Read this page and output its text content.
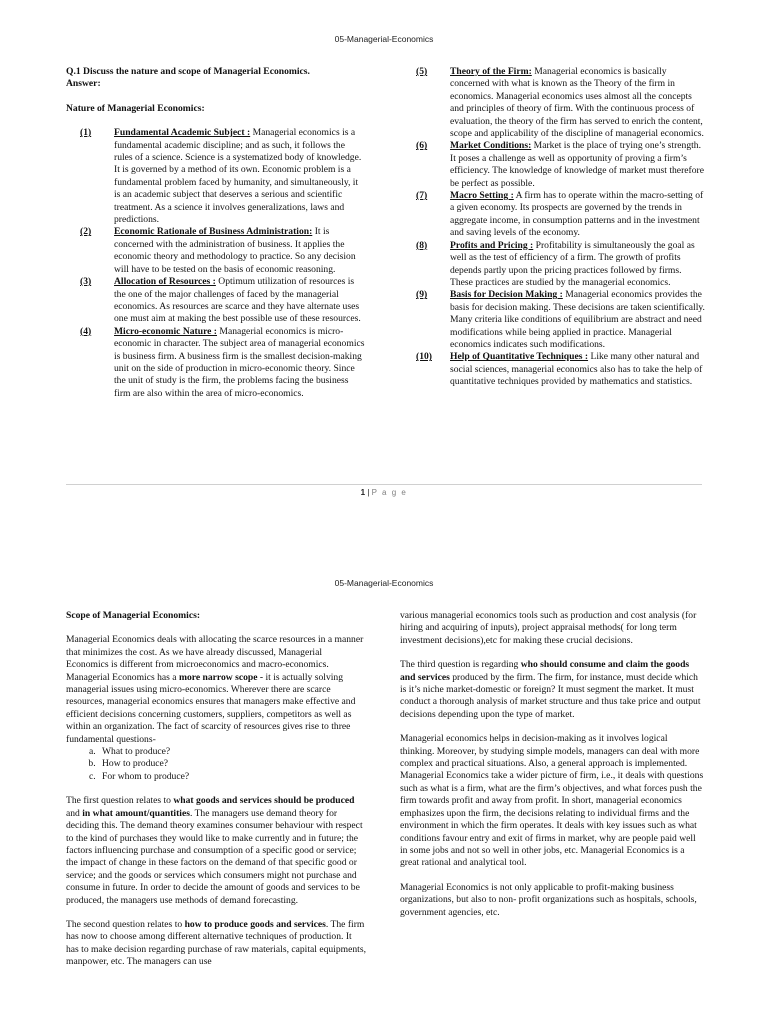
05-Managerial-Economics
Q.1 Discuss the nature and scope of Managerial Economics.
Answer:
Nature of Managerial Economics:
(1)	Fundamental Academic Subject : Managerial economics is a fundamental academic discipline; and as such, it follows the rules of a science. Science is a systematized body of knowledge. It is governed by a method of its own. Economic problem is a fundamental problem faced by humanity, and simultaneously, it is an academic subject that deserves a serious and scientific treatment. As a science it involves generalizations, laws and predictions.
(2)	Economic Rationale of Business Administration: It is concerned with the administration of business. It applies the economic theory and methodology to practice. So any decision will have to be tested on the basis of economic reasoning.
(3)	Allocation of Resources : Optimum utilization of resources is the one of the major challenges of faced by the managerial economics. As resources are scarce and they have alternate uses one must aim at making the best possible use of these resources.
(4)	Micro-economic Nature : Managerial economics is micro-economic in character. The subject area of managerial economics is business firm. A business firm is the smallest decision-making unit on the side of production in micro-economic theory. Since the unit of study is the firm, the problems facing the business firm are also within the area of micro-economics.
(5)	Theory of the Firm: Managerial economics is basically concerned with what is known as the Theory of the firm in economics. Managerial economics uses almost all the concepts and principles of theory of firm. With the continuous process of evaluation, the theory of the firm has served to enrich the content, scope and applicability of the discipline of managerial economics.
(6)	Market Conditions: Market is the place of trying one’s strength. It poses a challenge as well as opportunity of proving a firm’s efficiency. The knowledge of knowledge of market must therefore be perfect as possible.
(7)	Macro Setting : A firm has to operate within the macro-setting of a given economy. Its prospects are governed by the trends in aggregate income, in consumption patterns and in the investment and saving levels of the economy.
(8)	Profits and Pricing : Profitability is simultaneously the goal as well as the test of efficiency of a firm. The growth of profits depends partly upon the pricing practices followed by firms. These practices are studied by the managerial economics.
(9)	Basis for Decision Making : Managerial economics provides the basis for decision making. These decisions are taken scientifically. Many criteria like conditions of equilibrium are abstract and need modifications while being applied in practice. Managerial economics indicates such modifications.
(10)	Help of Quantitative Techniques : Like many other natural and social sciences, managerial economics also has to take the help of quantitative techniques provided by mathematics and statistics.
1 | P a g e
05-Managerial-Economics
Scope of Managerial Economics:

Managerial Economics deals with allocating the scarce resources in a manner that minimizes the cost. As we have already discussed, Managerial Economics is different from microeconomics and macro-economics. Managerial Economics has a more narrow scope - it is actually solving managerial issues using micro-economics. Wherever there are scarce resources, managerial economics ensures that managers make effective and efficient decisions concerning customers, suppliers, competitors as well as within an organization. The fact of scarcity of resources gives rise to three fundamental questions-

a. What to produce?
b. How to produce?
c. For whom to produce?

The first question relates to what goods and services should be produced and in what amount/quantities. The managers use demand theory for deciding this. The demand theory examines consumer behaviour with respect to the kind of purchases they would like to make currently and in future; the factors influencing purchase and consumption of a specific good or service; the impact of change in these factors on the demand of that specific good or service; and the goods or services which consumers might not purchase and consume in future. In order to decide the amount of goods and services to be produced, the managers use methods of demand forecasting.

The second question relates to how to produce goods and services. The firm has now to choose among different alternative techniques of production. It has to make decision regarding purchase of raw materials, capital equipments, manpower, etc. The managers can use

various managerial economics tools such as production and cost analysis (for hiring and acquiring of inputs), project appraisal methods( for long term investment decisions),etc for making these crucial decisions.

The third question is regarding who should consume and claim the goods and services produced by the firm. The firm, for instance, must decide which is it’s niche market-domestic or foreign? It must segment the market. It must conduct a thorough analysis of market structure and thus take price and output decisions depending upon the type of market.

Managerial economics helps in decision-making as it involves logical thinking. Moreover, by studying simple models, managers can deal with more complex and practical situations. Also, a general approach is implemented. Managerial Economics take a wider picture of firm, i.e., it deals with questions such as what is a firm, what are the firm’s objectives, and what forces push the firm towards profit and away from profit. In short, managerial economics emphasizes upon the firm, the decisions relating to individual firms and the environment in which the firm operates. It deals with key issues such as what conditions favour entry and exit of firms in market, why are people paid well in some jobs and not so well in other jobs, etc. Managerial Economics is a great rational and analytical tool.

Managerial Economics is not only applicable to profit-making business organizations, but also to non- profit organizations such as hospitals, schools, government agencies, etc.
